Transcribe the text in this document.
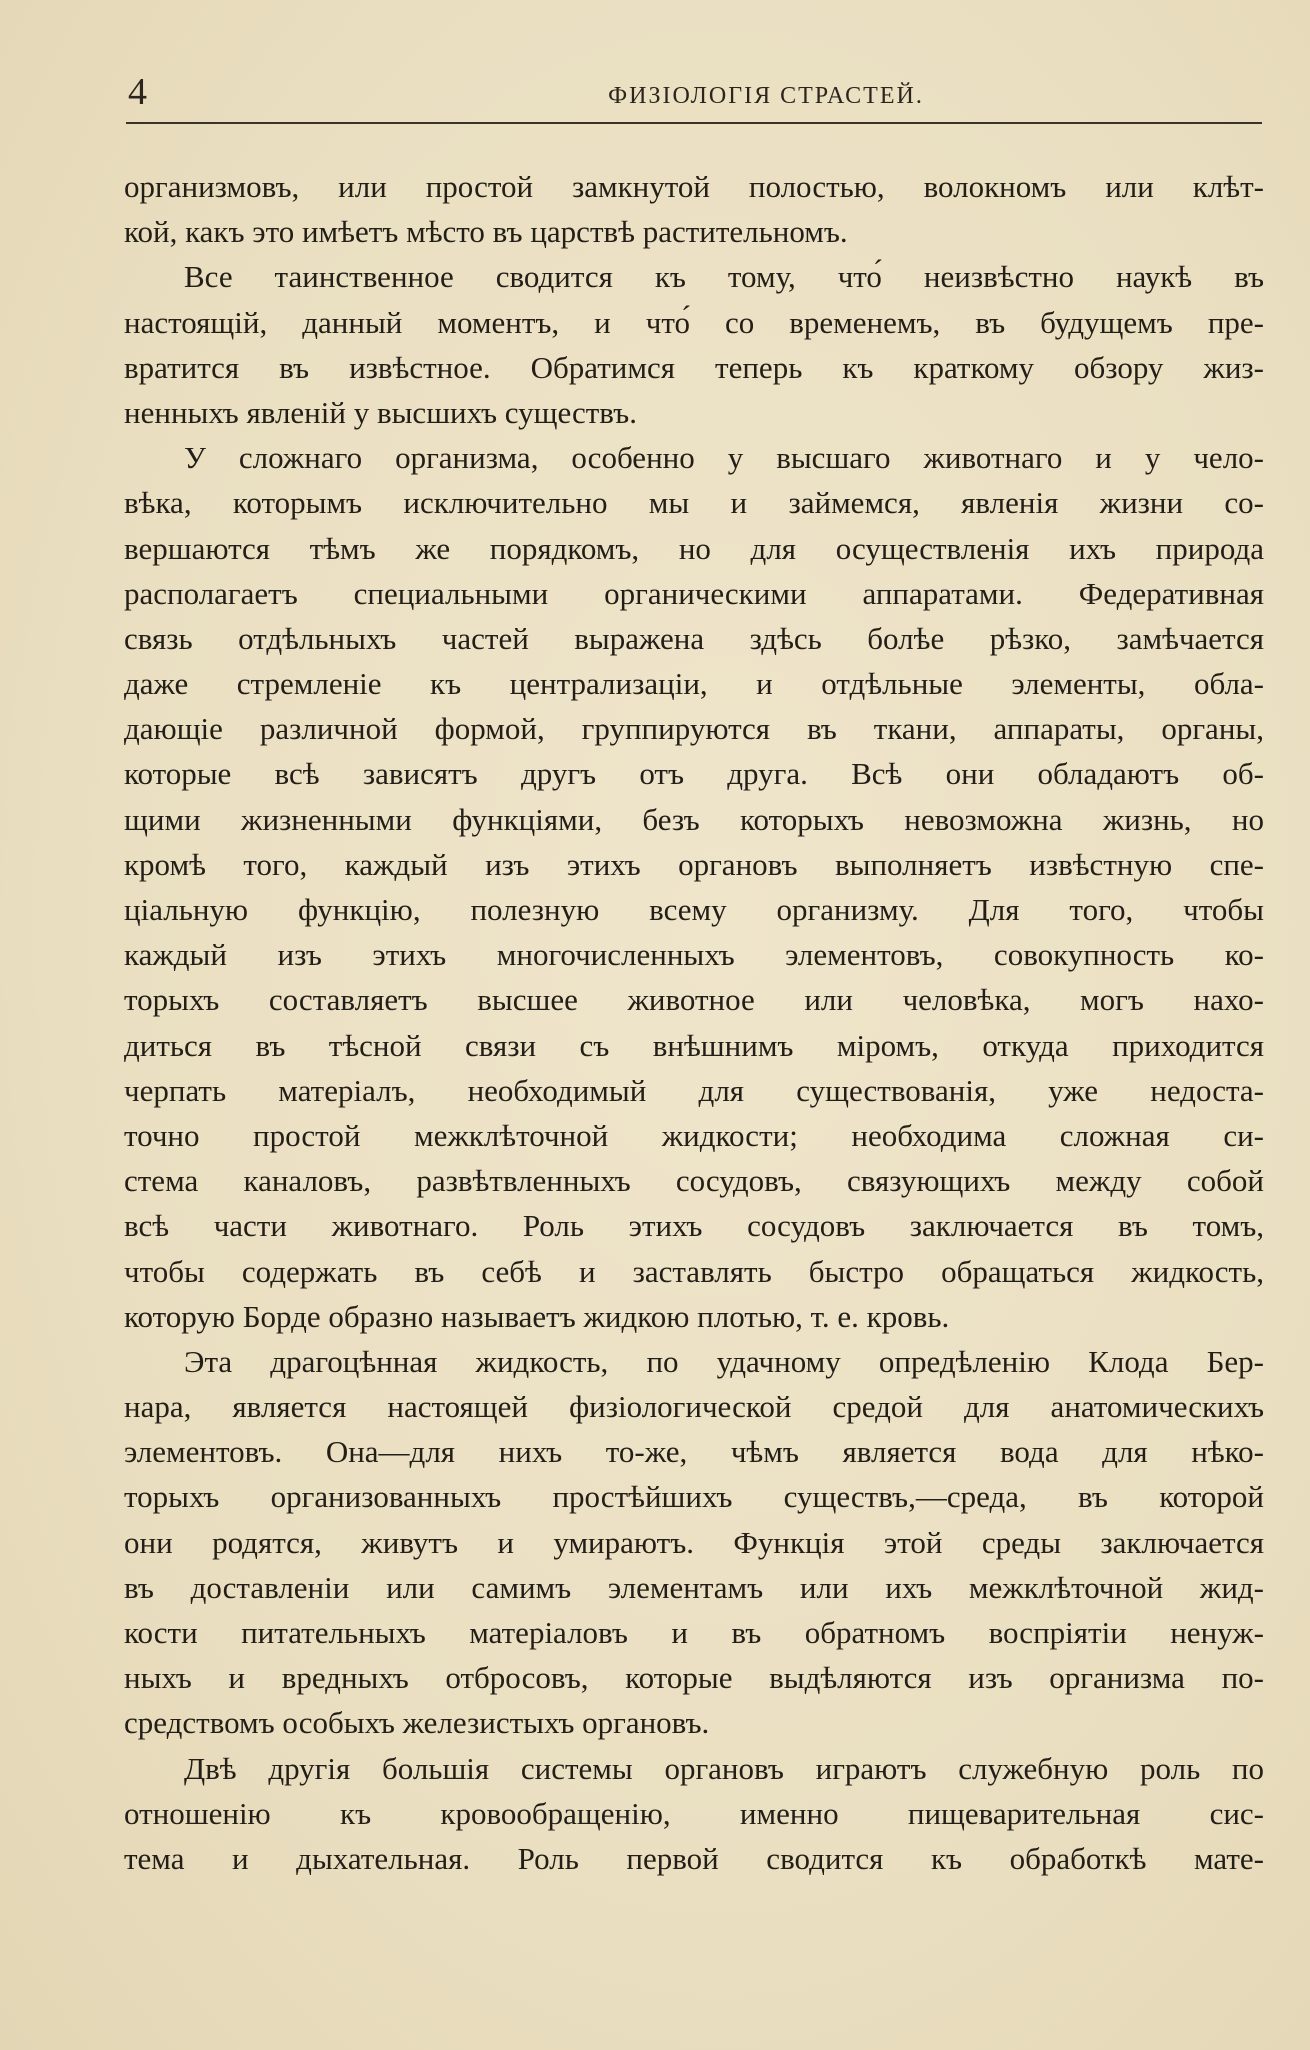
4	ФИЗІОЛОГІЯ СТРАСТЕЙ.
организмовъ, или простой замкнутой полостью, волокномъ или клѣт-
кой, какъ это имѣетъ мѣсто въ царствѣ растительномъ.
Все таинственное сводится къ тому, что́ неизвѣстно наукѣ въ
настоящій, данный моментъ, и что́ со временемъ, въ будущемъ пре-
вратится въ извѣстное. Обратимся теперь къ краткому обзору жиз-
ненныхъ явленій у высшихъ существъ.
У сложнаго организма, особенно у высшаго животнаго и у чело-
вѣка, которымъ исключительно мы и займемся, явленія жизни со-
вершаются тѣмъ же порядкомъ, но для осуществленія ихъ природа
располагаетъ специальными органическими аппаратами. Федеративная
связь отдѣльныхъ частей выражена здѣсь болѣе рѣзко, замѣчается
даже стремленіе къ централизаціи, и отдѣльные элементы, обла-
дающіе различной формой, группируются въ ткани, аппараты, органы,
которые всѣ зависятъ другъ отъ друга. Всѣ они обладаютъ об-
щими жизненными функціями, безъ которыхъ невозможна жизнь, но
кромѣ того, каждый изъ этихъ органовъ выполняетъ извѣстную спе-
ціальную функцію, полезную всему организму. Для того, чтобы
каждый изъ этихъ многочисленныхъ элементовъ, совокупность ко-
торыхъ составляетъ высшее животное или человѣка, могъ нахо-
диться въ тѣсной связи съ внѣшнимъ міромъ, откуда приходится
черпать матеріалъ, необходимый для существованія, уже недоста-
точно простой межклѣточной жидкости; необходима сложная си-
стема каналовъ, развѣтвленныхъ сосудовъ, связующихъ между собой
всѣ части животнаго. Роль этихъ сосудовъ заключается въ томъ,
чтобы содержать въ себѣ и заставлять быстро обращаться жидкость,
которую Борде образно называетъ жидкою плотью, т. е. кровь.
Эта драгоцѣнная жидкость, по удачному опредѣленію Клода Бер-
нара, является настоящей физіологической средой для анатомическихъ
элементовъ. Она—для нихъ то-же, чѣмъ является вода для нѣко-
торыхъ организованныхъ простѣйшихъ существъ,—среда, въ которой
они родятся, живутъ и умираютъ. Функція этой среды заключается
въ доставленіи или самимъ элементамъ или ихъ межклѣточной жид-
кости питательныхъ матеріаловъ и въ обратномъ воспріятіи ненуж-
ныхъ и вредныхъ отбросовъ, которые выдѣляются изъ организма по-
средствомъ особыхъ железистыхъ органовъ.
Двѣ другія большія системы органовъ играютъ служебную роль по
отношенію къ кровообращенію, именно пищеварительная сис-
тема и дыхательная. Роль первой сводится къ обработкѣ мате-
